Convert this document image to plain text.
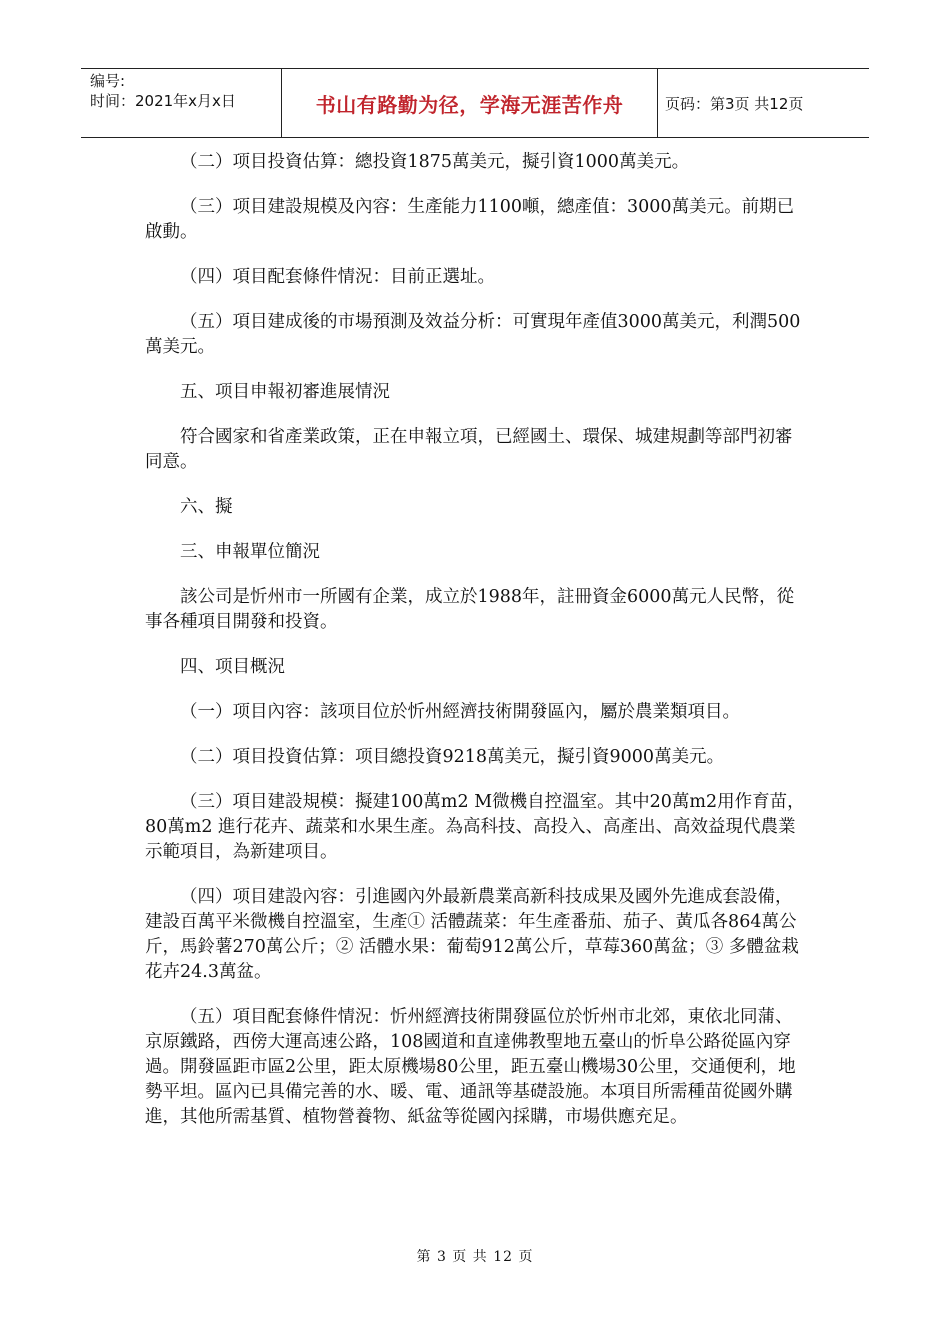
编号:
时间：2021年x月x日	书山有路勤为径，学海无涯苦作舟	页码：第3页 共12页

（二）项目投資估算：總投資1875萬美元，擬引資1000萬美元。

（三）项目建設規模及內容：生產能力1100噸，總產值：3000萬美元。前期已啟動。

（四）項目配套條件情況：目前正選址。

（五）項目建成後的市場預測及效益分析：可實現年產值3000萬美元，利潤500萬美元。

五、项目申報初審進展情況

符合國家和省產業政策，正在申報立項，已經國土、環保、城建規劃等部門初審同意。

六、擬

三、申報單位簡況

該公司是忻州市一所國有企業，成立於1988年，註冊資金6000萬元人民幣，從事各種項目開發和投資。

四、项目概況

（一）项目內容：該项目位於忻州經濟技術開發區內，屬於農業類項目。

（二）項目投資估算：项目總投資9218萬美元，擬引資9000萬美元。

（三）項目建設規模：擬建100萬m2 M微機自控溫室。其中20萬m2用作育苗，80萬m2 進行花卉、蔬菜和水果生產。為高科技、高投入、高產出、高效益現代農業示範項目，為新建项目。

（四）项目建設內容：引進國內外最新農業高新科技成果及國外先進成套設備，建設百萬平米微機自控溫室，生產① 活體蔬菜：年生產番茄、茄子、黃瓜各864萬公斤，馬鈴薯270萬公斤；② 活體水果：葡萄912萬公斤，草莓360萬盆；③ 多體盆栽花卉24.3萬盆。

（五）項目配套條件情況：忻州經濟技術開發區位於忻州市北郊，東依北同蒲、京原鐵路，西傍大運高速公路，108國道和直達佛教聖地五臺山的忻阜公路從區內穿過。開發區距市區2公里，距太原機場80公里，距五臺山機場30公里，交通便利，地勢平坦。區內已具備完善的水、暖、電、通訊等基礎設施。本項目所需種苗從國外購進，其他所需基質、植物營養物、紙盆等從國內採購，市場供應充足。

第 3 页 共 12 页
